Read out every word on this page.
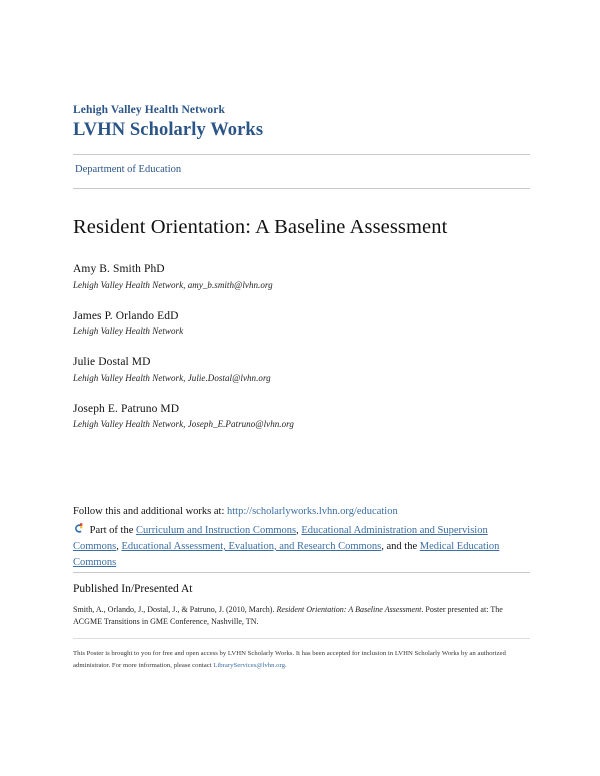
Lehigh Valley Health Network
LVHN Scholarly Works
Department of Education
Resident Orientation: A Baseline Assessment
Amy B. Smith PhD
Lehigh Valley Health Network, amy_b.smith@lvhn.org
James P. Orlando EdD
Lehigh Valley Health Network
Julie Dostal MD
Lehigh Valley Health Network, Julie.Dostal@lvhn.org
Joseph E. Patruno MD
Lehigh Valley Health Network, Joseph_E.Patruno@lvhn.org
Follow this and additional works at: http://scholarlyworks.lvhn.org/education
Part of the Curriculum and Instruction Commons, Educational Administration and Supervision Commons, Educational Assessment, Evaluation, and Research Commons, and the Medical Education Commons
Published In/Presented At
Smith, A., Orlando, J., Dostal, J., & Patruno, J. (2010, March). Resident Orientation: A Baseline Assessment. Poster presented at: The ACGME Transitions in GME Conference, Nashville, TN.
This Poster is brought to you for free and open access by LVHN Scholarly Works. It has been accepted for inclusion in LVHN Scholarly Works by an authorized administrator. For more information, please contact LibraryServices@lvhn.org.
